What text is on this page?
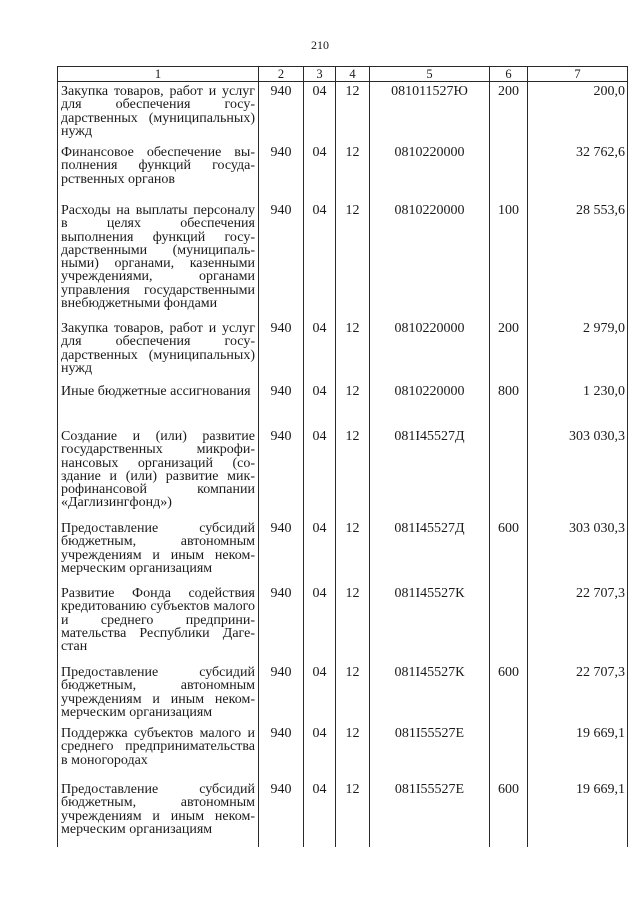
210
1	2	3	4	5	6	7
Закупка товаров, работ и услуг для обеспечения государственных (муниципальных) нужд	940	04	12	081011527Ю	200	200,0
Финансовое обеспечение выполнения функций государственных органов	940	04	12	0810220000		32 762,6
Расходы на выплаты персоналу в целях обеспечения выполнения функций государственными (муниципальными) органами, казенными учреждениями, органами управления государственными внебюджетными фондами	940	04	12	0810220000	100	28 553,6
Закупка товаров, работ и услуг для обеспечения государственных (муниципальных) нужд	940	04	12	0810220000	200	2 979,0
Иные бюджетные ассигнования	940	04	12	0810220000	800	1 230,0
Создание и (или) развитие государственных микрофинансовых организаций (создание и (или) развитие микрофинансовой компании «Даглизингфонд»)	940	04	12	081I45527Д		303 030,3
Предоставление субсидий бюджетным, автономным учреждениям и иным некоммерческим организациям	940	04	12	081I45527Д	600	303 030,3
Развитие Фонда содействия кредитованию субъектов малого и среднего предпринимательства Республики Дагестан	940	04	12	081I45527К		22 707,3
Предоставление субсидий бюджетным, автономным учреждениям и иным некоммерческим организациям	940	04	12	081I45527К	600	22 707,3
Поддержка субъектов малого и среднего предпринимательства в моногородах	940	04	12	081I55527Е		19 669,1
Предоставление субсидий бюджетным, автономным учреждениям и иным некоммерческим организациям	940	04	12	081I55527Е	600	19 669,1
